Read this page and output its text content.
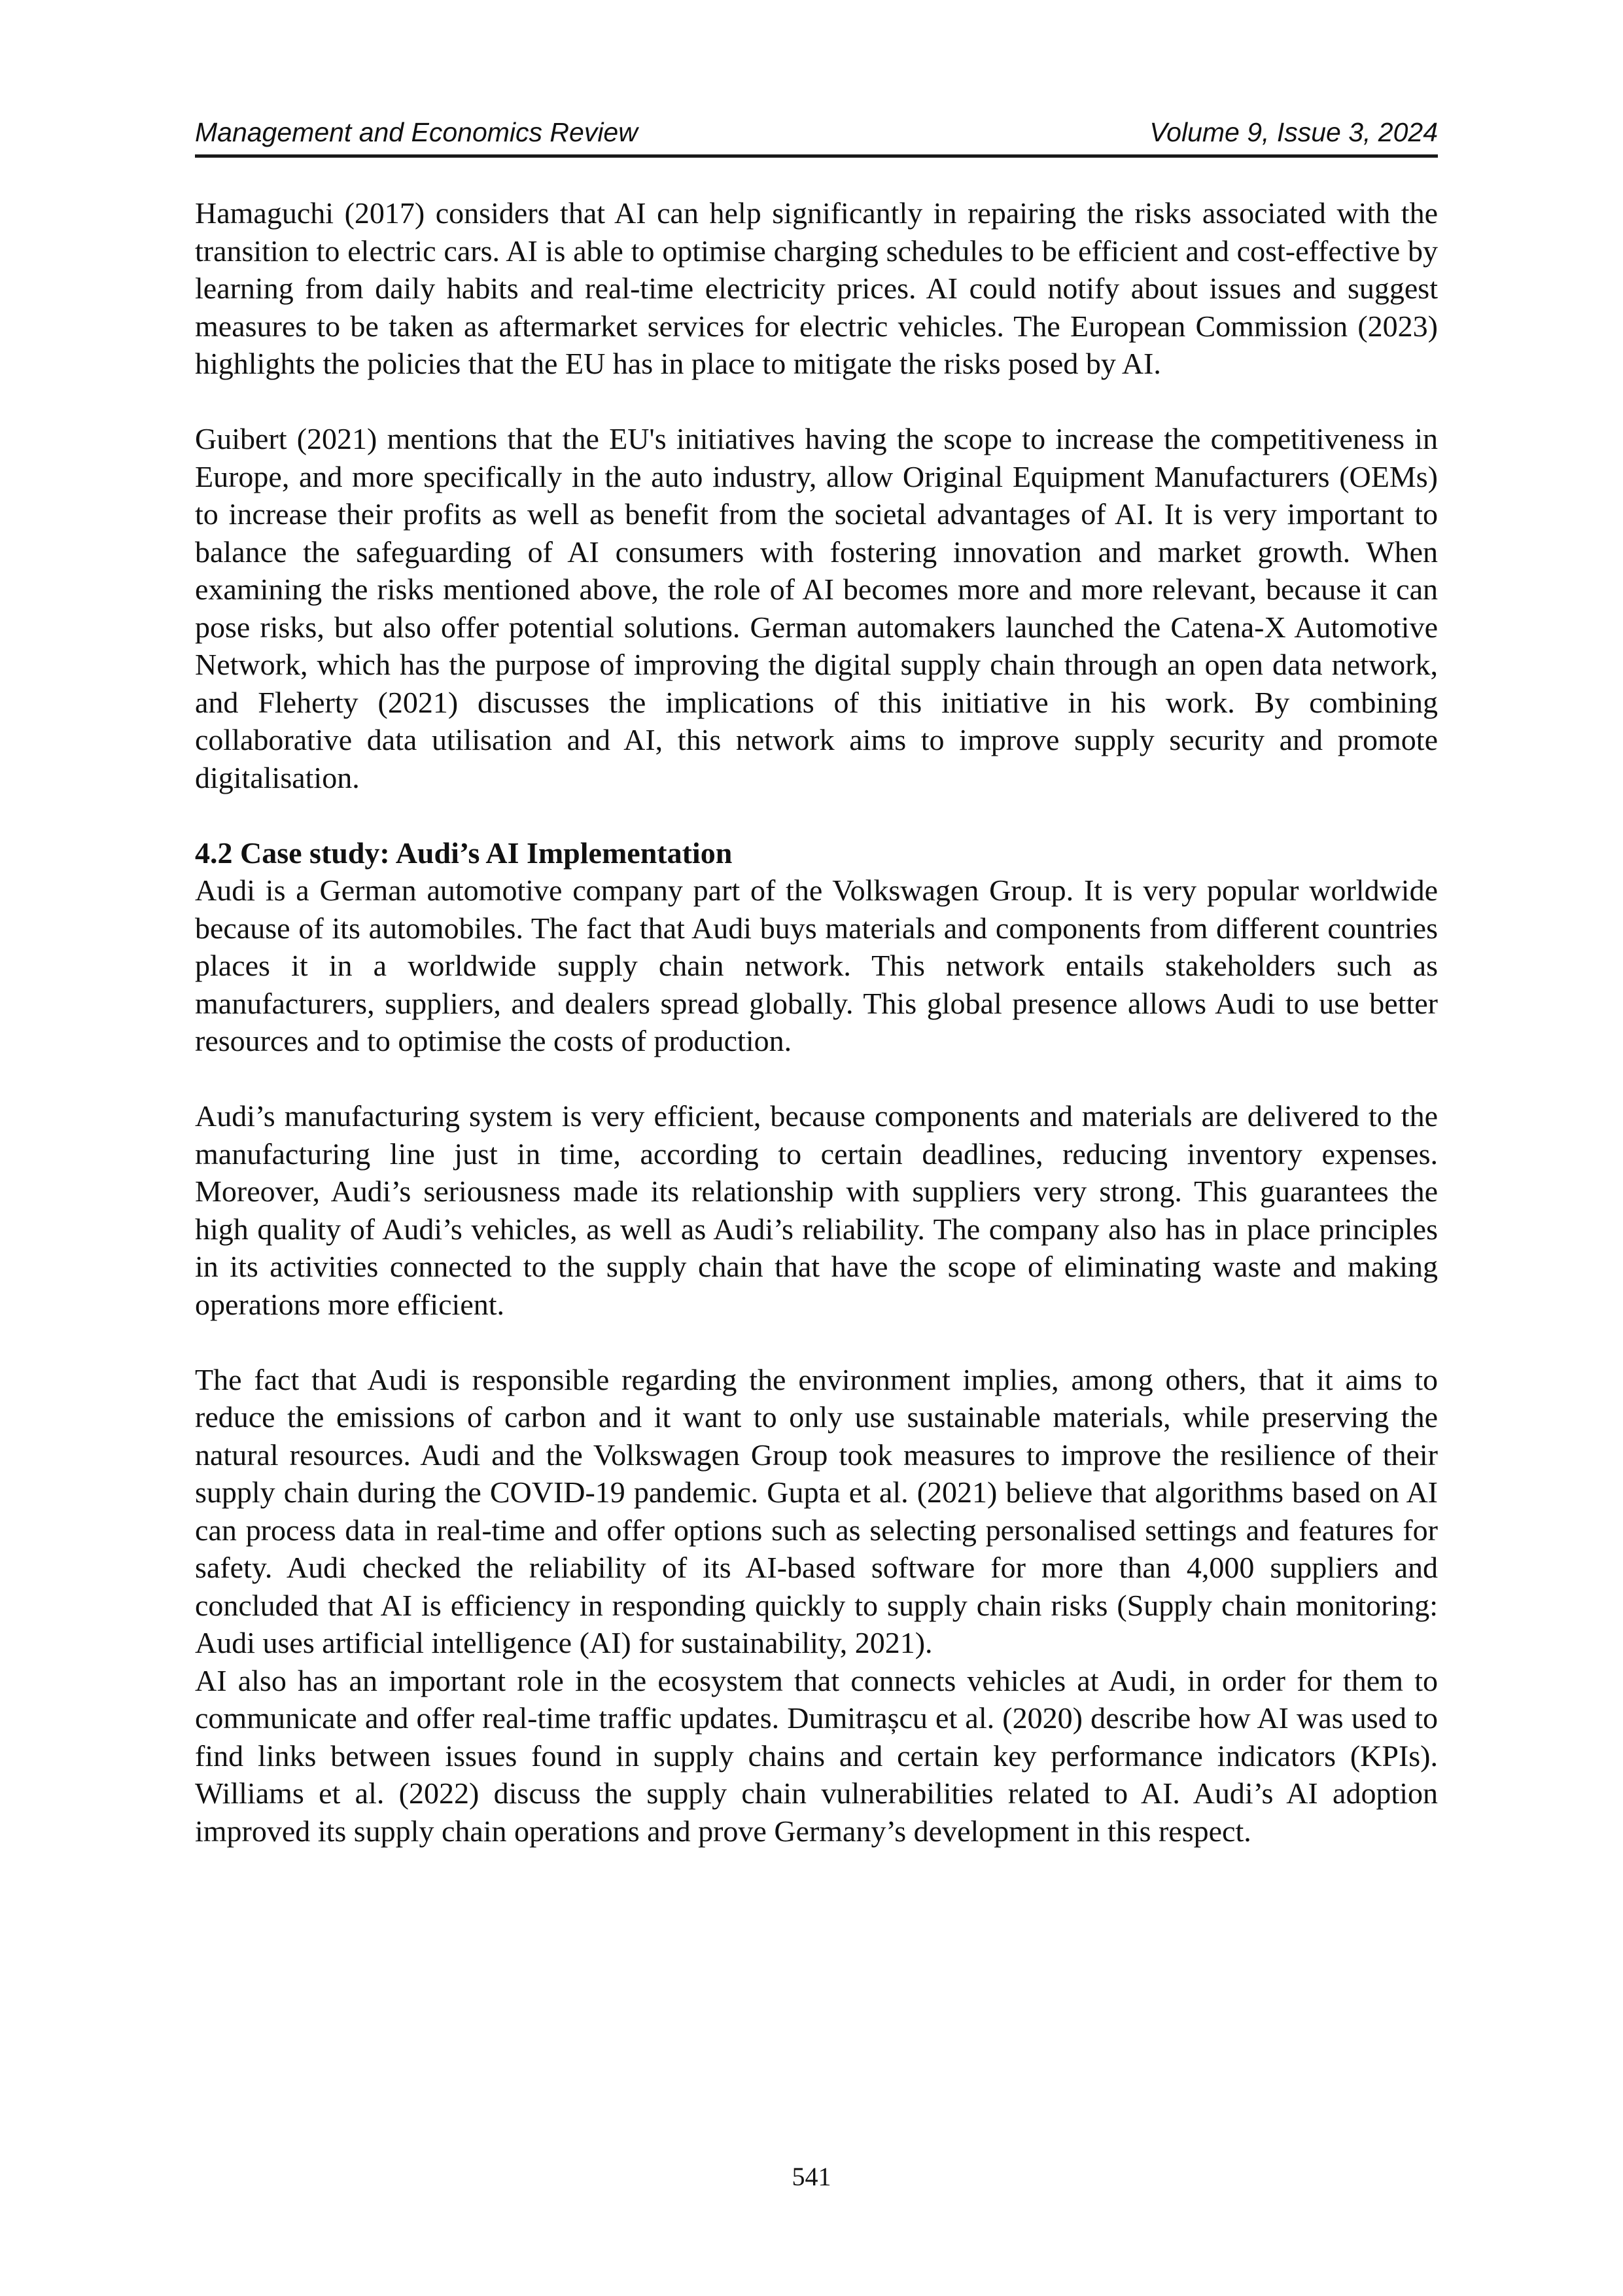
Management and Economics Review	Volume 9, Issue 3, 2024

Hamaguchi (2017) considers that AI can help significantly in repairing the risks associated with the transition to electric cars. AI is able to optimise charging schedules to be efficient and cost-effective by learning from daily habits and real-time electricity prices. AI could notify about issues and suggest measures to be taken as aftermarket services for electric vehicles. The European Commission (2023) highlights the policies that the EU has in place to mitigate the risks posed by AI.

Guibert (2021) mentions that the EU's initiatives having the scope to increase the competitiveness in Europe, and more specifically in the auto industry, allow Original Equipment Manufacturers (OEMs) to increase their profits as well as benefit from the societal advantages of AI. It is very important to balance the safeguarding of AI consumers with fostering innovation and market growth. When examining the risks mentioned above, the role of AI becomes more and more relevant, because it can pose risks, but also offer potential solutions. German automakers launched the Catena-X Automotive Network, which has the purpose of improving the digital supply chain through an open data network, and Fleherty (2021) discusses the implications of this initiative in his work. By combining collaborative data utilisation and AI, this network aims to improve supply security and promote digitalisation.

4.2 Case study: Audi’s AI Implementation

Audi is a German automotive company part of the Volkswagen Group. It is very popular worldwide because of its automobiles. The fact that Audi buys materials and components from different countries places it in a worldwide supply chain network. This network entails stakeholders such as manufacturers, suppliers, and dealers spread globally. This global presence allows Audi to use better resources and to optimise the costs of production.

Audi’s manufacturing system is very efficient, because components and materials are delivered to the manufacturing line just in time, according to certain deadlines, reducing inventory expenses. Moreover, Audi’s seriousness made its relationship with suppliers very strong. This guarantees the high quality of Audi’s vehicles, as well as Audi’s reliability. The company also has in place principles in its activities connected to the supply chain that have the scope of eliminating waste and making operations more efficient.

The fact that Audi is responsible regarding the environment implies, among others, that it aims to reduce the emissions of carbon and it want to only use sustainable materials, while preserving the natural resources. Audi and the Volkswagen Group took measures to improve the resilience of their supply chain during the COVID-19 pandemic. Gupta et al. (2021) believe that algorithms based on AI can process data in real-time and offer options such as selecting personalised settings and features for safety. Audi checked the reliability of its AI-based software for more than 4,000 suppliers and concluded that AI is efficiency in responding quickly to supply chain risks (Supply chain monitoring: Audi uses artificial intelligence (AI) for sustainability, 2021).

AI also has an important role in the ecosystem that connects vehicles at Audi, in order for them to communicate and offer real-time traffic updates. Dumitrașcu et al. (2020) describe how AI was used to find links between issues found in supply chains and certain key performance indicators (KPIs). Williams et al. (2022) discuss the supply chain vulnerabilities related to AI. Audi’s AI adoption improved its supply chain operations and prove Germany’s development in this respect.

541
